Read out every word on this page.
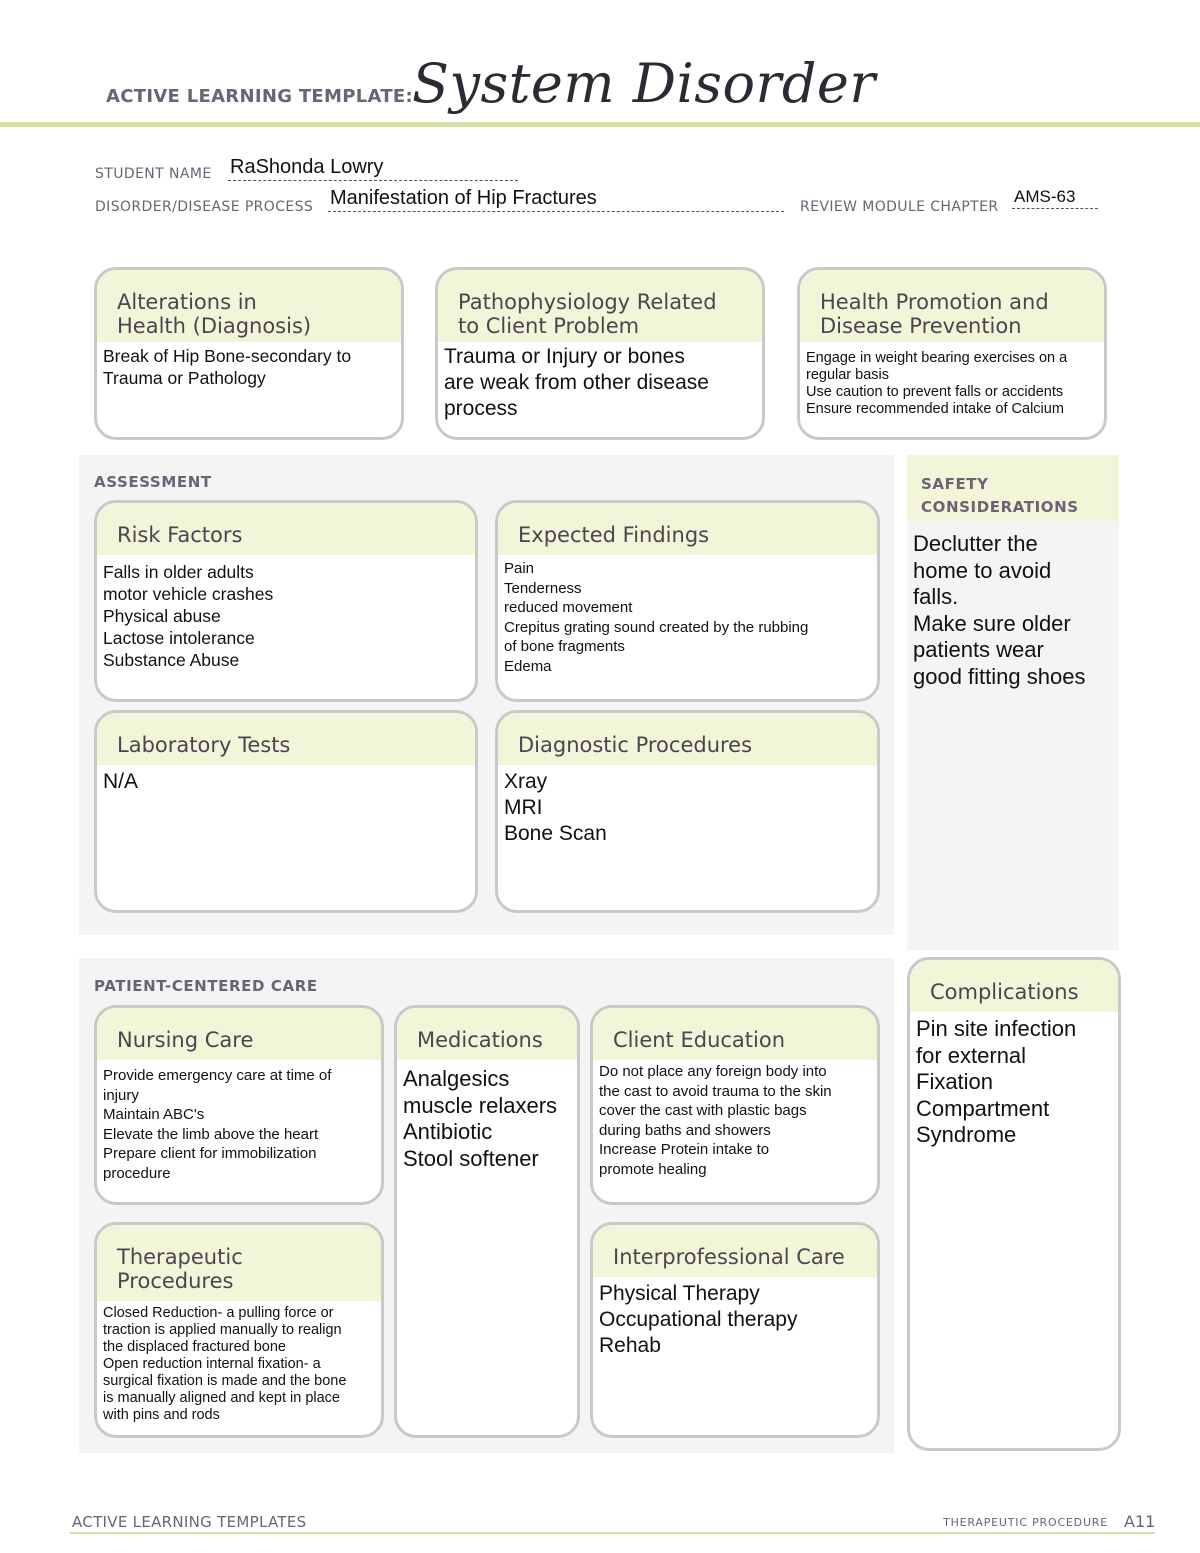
ACTIVE LEARNING TEMPLATE: System Disorder
STUDENT NAME RaShonda Lowry
DISORDER/DISEASE PROCESS Manifestation of Hip Fractures	REVIEW MODULE CHAPTER
AMS-63
Alterations in
Health (Diagnosis)
Break of Hip Bone-secondary to
Trauma or Pathology
Pathophysiology Related
to Client Problem
Trauma or Injury or bones
are weak from other disease
process
Health Promotion and
Disease Prevention
Engage in weight bearing exercises on a
regular basis
Use caution to prevent falls or accidents
Ensure recommended intake of Calcium
ASSESSMENT
Risk Factors
Falls in older adults
motor vehicle crashes
Physical abuse
Lactose intolerance
Substance Abuse
Expected Findings
Pain
Tenderness
reduced movement
Crepitus grating sound created by the rubbing
of bone fragments
Edema
Laboratory Tests
N/A
Diagnostic Procedures
Xray
MRI
Bone Scan
SAFETY
CONSIDERATIONS
Declutter the
home to avoid
falls.
Make sure older
patients wear
good fitting shoes
PATIENT-CENTERED CARE
Nursing Care
Provide emergency care at time of
injury
Maintain ABC's
Elevate the limb above the heart
Prepare client for immobilization
procedure
Medications
Analgesics
muscle relaxers
Antibiotic
Stool softener
Client Education
Do not place any foreign body into
the cast to avoid trauma to the skin
cover the cast with plastic bags
during baths and showers
Increase Protein intake to
promote healing
Therapeutic Procedures
Closed Reduction- a pulling force or
traction is applied manually to realign
the displaced fractured bone
Open reduction internal fixation- a
surgical fixation is made and the bone
is manually aligned and kept in place
with pins and rods
Interprofessional Care
Physical Therapy
Occupational therapy
Rehab
Complications
Pin site infection
for external
Fixation
Compartment
Syndrome
ACTIVE LEARNING TEMPLATES	THERAPEUTIC PROCEDURE A11
